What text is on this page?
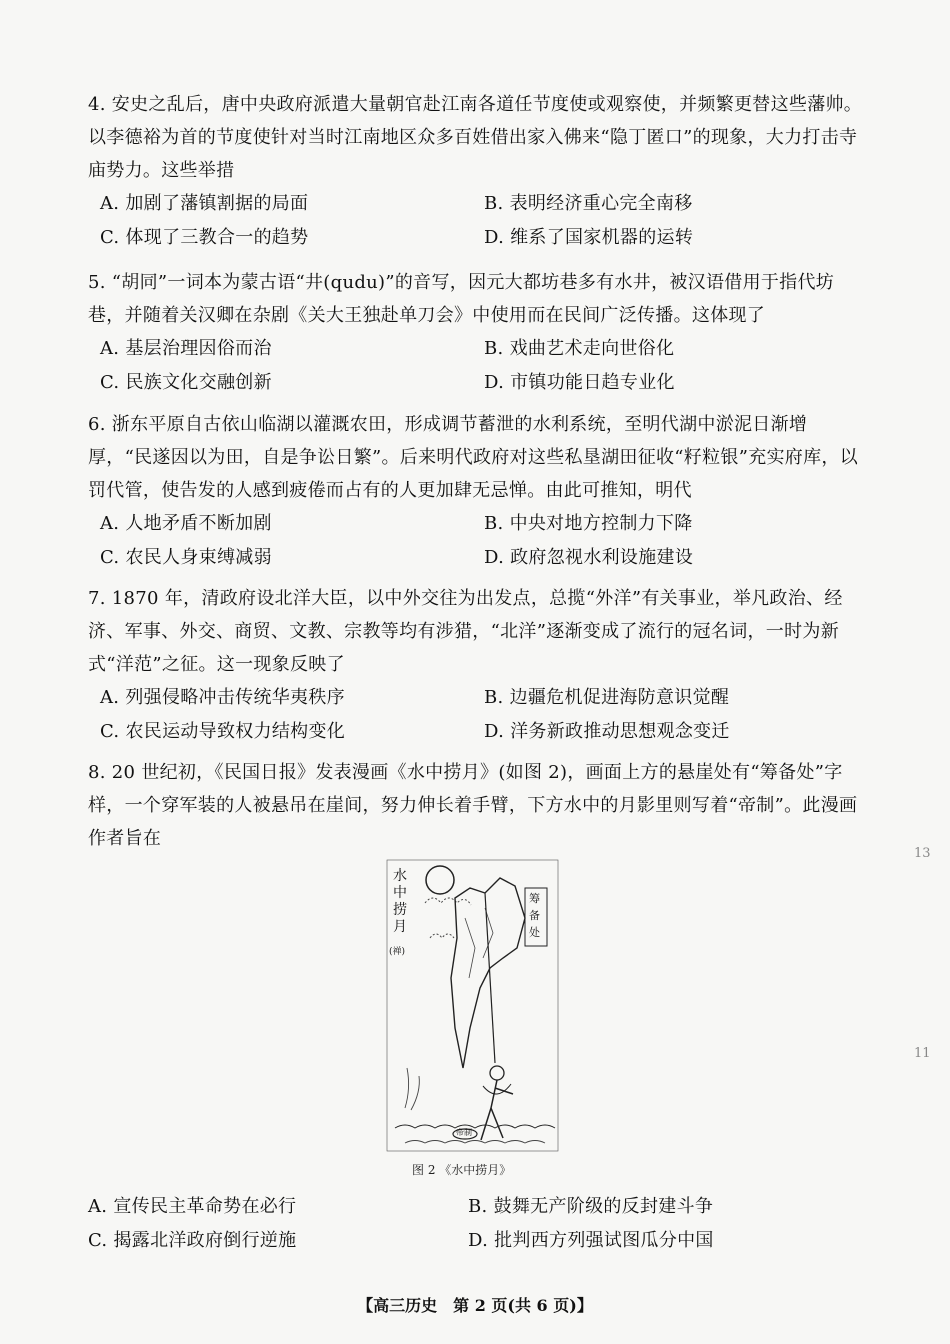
4. 安史之乱后，唐中央政府派遣大量朝官赴江南各道任节度使或观察使，并频繁更替这些藩帅。以李德裕为首的节度使针对当时江南地区众多百姓借出家入佛来“隐丁匿口”的现象，大力打击寺庙势力。这些举措

A. 加剧了藩镇割据的局面	B. 表明经济重心完全南移
C. 体现了三教合一的趋势	D. 维系了国家机器的运转

5. “胡同”一词本为蒙古语“井(qudu)”的音写，因元大都坊巷多有水井，被汉语借用于指代坊巷，并随着关汉卿在杂剧《关大王独赴单刀会》中使用而在民间广泛传播。这体现了

A. 基层治理因俗而治	B. 戏曲艺术走向世俗化
C. 民族文化交融创新	D. 市镇功能日趋专业化

6. 浙东平原自古依山临湖以灌溉农田，形成调节蓄泄的水利系统，至明代湖中淤泥日渐增厚，“民遂因以为田，自是争讼日繁”。后来明代政府对这些私垦湖田征收“籽粒银”充实府库，以罚代管，使告发的人感到疲倦而占有的人更加肆无忌惮。由此可推知，明代

A. 人地矛盾不断加剧	B. 中央对地方控制力下降
C. 农民人身束缚减弱	D. 政府忽视水利设施建设

7. 1870 年，清政府设北洋大臣，以中外交往为出发点，总揽“外洋”有关事业，举凡政治、经济、军事、外交、商贸、文教、宗教等均有涉猎，“北洋”逐渐变成了流行的冠名词，一时为新式“洋范”之征。这一现象反映了

A. 列强侵略冲击传统华夷秩序	B. 边疆危机促进海防意识觉醒
C. 农民运动导致权力结构变化	D. 洋务新政推动思想观念变迁

8. 20 世纪初，《民国日报》发表漫画《水中捞月》(如图 2)，画面上方的悬崖处有“筹备处”字样，一个穿军装的人被悬吊在崖间，努力伸长着手臂，下方水中的月影里则写着“帝制”。此漫画作者旨在

水中捞月
(禅)
筹备处
帝制
图 2 《水中捞月》
A. 宣传民主革命势在必行	B. 鼓舞无产阶级的反封建斗争
C. 揭露北洋政府倒行逆施	D. 批判西方列强试图瓜分中国
【高三历史　第 2 页(共 6 页)】
13
11
